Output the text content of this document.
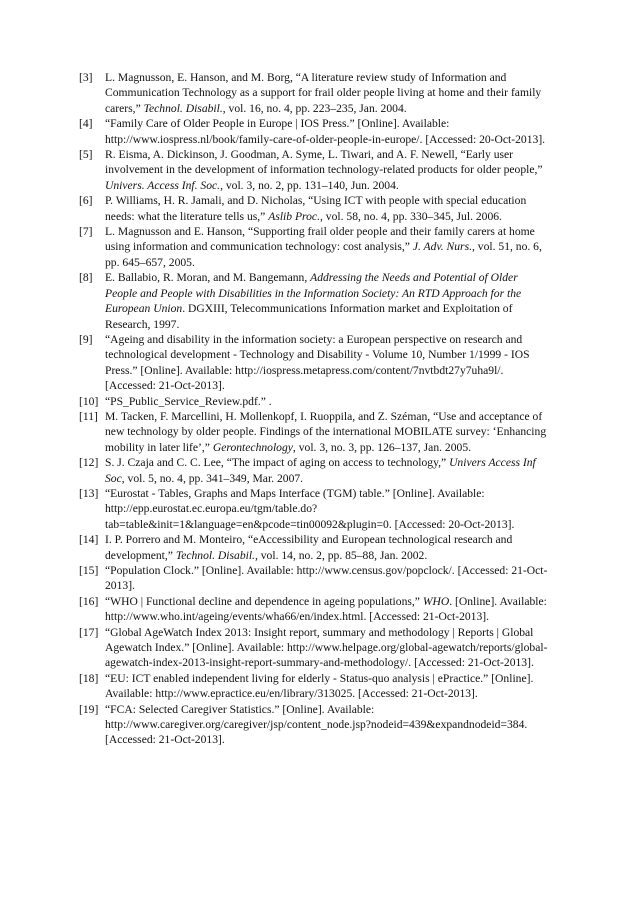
[3]	L. Magnusson, E. Hanson, and M. Borg, “A literature review study of Information and Communication Technology as a support for frail older people living at home and their family carers,” Technol. Disabil., vol. 16, no. 4, pp. 223–235, Jan. 2004.
[4]	“Family Care of Older People in Europe | IOS Press.” [Online]. Available: http://www.iospress.nl/book/family-care-of-older-people-in-europe/. [Accessed: 20-Oct-2013].
[5]	R. Eisma, A. Dickinson, J. Goodman, A. Syme, L. Tiwari, and A. F. Newell, “Early user involvement in the development of information technology-related products for older people,” Univers. Access Inf. Soc., vol. 3, no. 2, pp. 131–140, Jun. 2004.
[6]	P. Williams, H. R. Jamali, and D. Nicholas, “Using ICT with people with special education needs: what the literature tells us,” Aslib Proc., vol. 58, no. 4, pp. 330–345, Jul. 2006.
[7]	L. Magnusson and E. Hanson, “Supporting frail older people and their family carers at home using information and communication technology: cost analysis,” J. Adv. Nurs., vol. 51, no. 6, pp. 645–657, 2005.
[8]	E. Ballabio, R. Moran, and M. Bangemann, Addressing the Needs and Potential of Older People and People with Disabilities in the Information Society: An RTD Approach for the European Union. DGXIII, Telecommunications Information market and Exploitation of Research, 1997.
[9]	“Ageing and disability in the information society: a European perspective on research and technological development - Technology and Disability - Volume 10, Number 1/1999 - IOS Press.” [Online]. Available: http://iospress.metapress.com/content/7nvtbdt27y7uha9l/. [Accessed: 21-Oct-2013].
[10] “PS_Public_Service_Review.pdf.” .
[11] M. Tacken, F. Marcellini, H. Mollenkopf, I. Ruoppila, and Z. Széman, “Use and acceptance of new technology by older people. Findings of the international MOBILATE survey: ‘Enhancing mobility in later life’,” Gerontechnology, vol. 3, no. 3, pp. 126–137, Jan. 2005.
[12] S. J. Czaja and C. C. Lee, “The impact of aging on access to technology,” Univers Access Inf Soc, vol. 5, no. 4, pp. 341–349, Mar. 2007.
[13] “Eurostat - Tables, Graphs and Maps Interface (TGM) table.” [Online]. Available: http://epp.eurostat.ec.europa.eu/tgm/table.do?tab=table&init=1&language=en&pcode=tin00092&plugin=0. [Accessed: 20-Oct-2013].
[14] I. P. Porrero and M. Monteiro, “eAccessibility and European technological research and development,” Technol. Disabil., vol. 14, no. 2, pp. 85–88, Jan. 2002.
[15] “Population Clock.” [Online]. Available: http://www.census.gov/popclock/. [Accessed: 21-Oct-2013].
[16] “WHO | Functional decline and dependence in ageing populations,” WHO. [Online]. Available: http://www.who.int/ageing/events/wha66/en/index.html. [Accessed: 21-Oct-2013].
[17] “Global AgeWatch Index 2013: Insight report, summary and methodology | Reports | Global Agewatch Index.” [Online]. Available: http://www.helpage.org/global-agewatch/reports/global-agewatch-index-2013-insight-report-summary-and-methodology/. [Accessed: 21-Oct-2013].
[18] “EU: ICT enabled independent living for elderly - Status-quo analysis | ePractice.” [Online]. Available: http://www.epractice.eu/en/library/313025. [Accessed: 21-Oct-2013].
[19] “FCA: Selected Caregiver Statistics.” [Online]. Available: http://www.caregiver.org/caregiver/jsp/content_node.jsp?nodeid=439&expandnodeid=384. [Accessed: 21-Oct-2013].
